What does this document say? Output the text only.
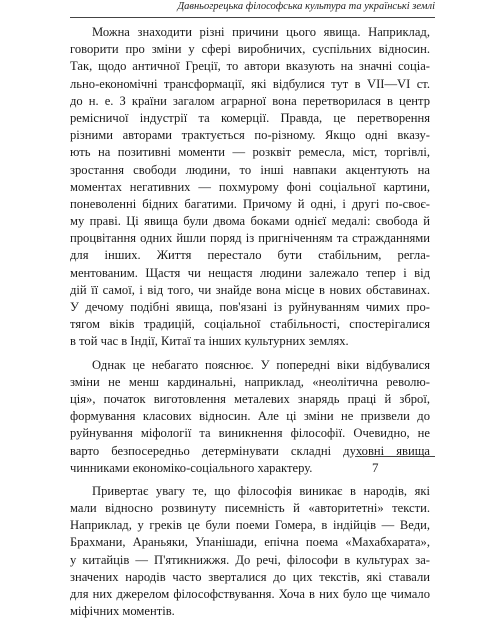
Давньогрецька філософська культура та українські землі
Можна знаходити різні причини цього явища. Наприклад,
говорити про зміни у сфері виробничих, суспільних відносин.
Так, щодо античної Греції, то автори вказують на значні соціа-
льно-економічні трансформації, які відбулися тут в VII—VI ст.
до н. е. З країни загалом аграрної вона перетворилася в центр
ремісничої індустрії та комерції. Правда, це перетворення
різними авторами трактується по-різному. Якщо одні вказу-
ють на позитивні моменти — розквіт ремесла, міст, торгівлі,
зростання свободи людини, то інші навпаки акцентують на
моментах негативних — похмурому фоні соціальної картини,
поневоленні бідних багатими. Причому й одні, і другі по-своє-
му праві. Ці явища були двома боками однієї медалі: свобода й
процвітання одних йшли поряд із пригніченням та стражданнями
для інших. Життя перестало бути стабільним, реглa-
ментованим. Щастя чи нещастя людини залежало тепер і від
дій її самої, і від того, чи знайде вона місце в нових обставинах.
У дечому подібні явища, пов'язані із руйнуванням чимих про-
тягом віків традицій, соціальної стабільності, спостерігалися
в той час в Індії, Китаї та інших культурних землях.
Однак це небагато пояснює. У попередні віки відбувалися
зміни не менш кардинальні, наприклад, «неолітична револю-
ція», початок виготовлення металевих знарядь праці й зброї,
формування класових відносин. Але ці зміни не призвели до
руйнування міфології та виникнення філософії. Очевидно, не
варто безпосередньо детермінувати складні духовні явища
чинниками економіко-соціального характеру.
Привертає увагу те, що філософія виникає в народів, які
мали відносно розвинуту писемність й «авторитетні» тексти.
Наприклад, у греків це були поеми Гомера, в індійців — Веди,
Брахмани, Араньяки, Упанішади, епічна поема «Махабхарата»,
у китайців — П'ятикнижжя. До речі, філософи в культурах за-
значених народів часто зверталися до цих текстів, які ставали
для них джерелом філософствування. Хоча в них було ще чимало
міфічних моментів.
7
